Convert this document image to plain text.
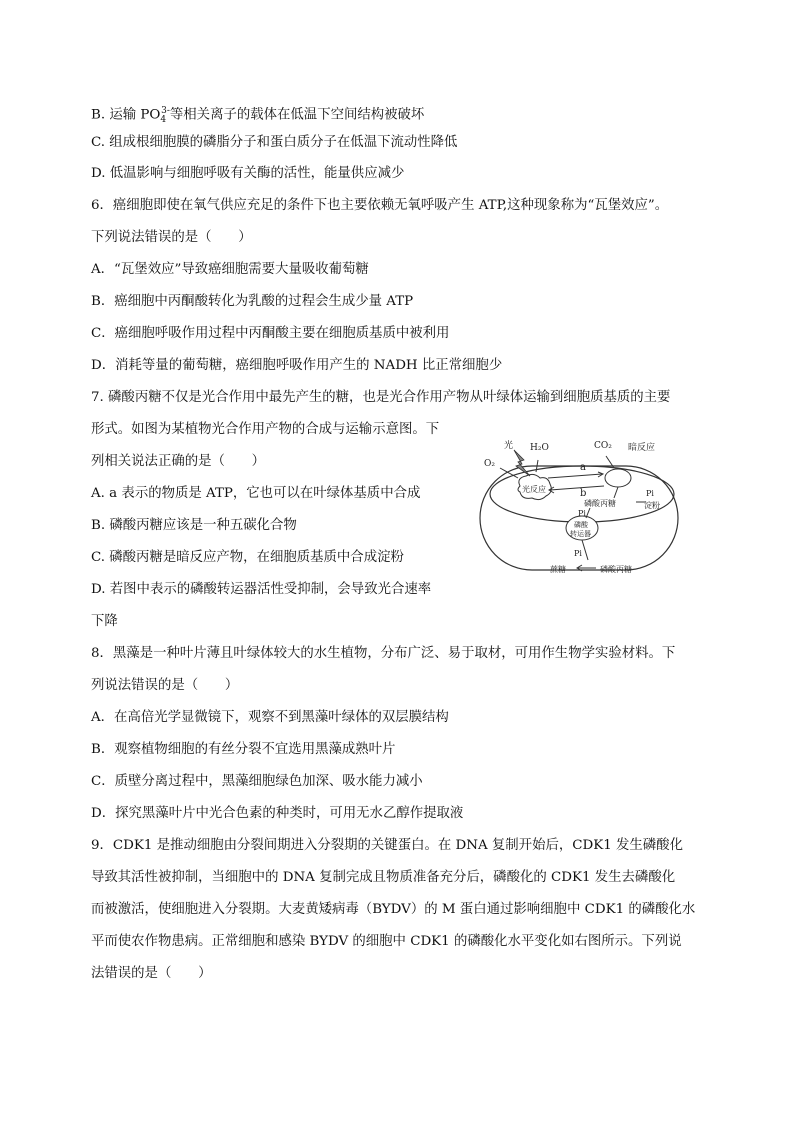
B. 运输 $PO_4^{3-}$等相关离子的载体在低温下空间结构被破坏
C. 组成根细胞膜的磷脂分子和蛋白质分子在低温下流动性降低
D. 低温影响与细胞呼吸有关酶的活性，能量供应减少
6．癌细胞即使在氧气供应充足的条件下也主要依赖无氧呼吸产生 ATP,这种现象称为“瓦堡效应”。
下列说法错误的是（　　）
A．“瓦堡效应”导致癌细胞需要大量吸收葡萄糖
B．癌细胞中丙酮酸转化为乳酸的过程会生成少量 ATP
C．癌细胞呼吸作用过程中丙酮酸主要在细胞质基质中被利用
D．消耗等量的葡萄糖，癌细胞呼吸作用产生的 NADH 比正常细胞少
7. 磷酸丙糖不仅是光合作用中最先产生的糖，也是光合作用产物从叶绿体运输到细胞质基质的主要
形式。如图为某植物光合作用产物的合成与运输示意图。下
列相关说法正确的是（　　）
A. a 表示的物质是 ATP，它也可以在叶绿体基质中合成
B. 磷酸丙糖应该是一种五碳化合物
C. 磷酸丙糖是暗反应产物，在细胞质基质中合成淀粉
D. 若图中表示的磷酸转运器活性受抑制，会导致光合速率
下降
光 H₂O	CO₂ 暗反应
O₂
光反应
a
b	Pi
磷酸丙糖	淀粉
Pi
磷酸
转运器
Pi
蔗糖	磷酸丙糖
8．黑藻是一种叶片薄且叶绿体较大的水生植物，分布广泛、易于取材，可用作生物学实验材料。下
列说法错误的是（　　）
A．在高倍光学显微镜下，观察不到黑藻叶绿体的双层膜结构
B．观察植物细胞的有丝分裂不宜选用黑藻成熟叶片
C．质壁分离过程中，黑藻细胞绿色加深、吸水能力减小
D．探究黑藻叶片中光合色素的种类时，可用无水乙醇作提取液
9．CDK1 是推动细胞由分裂间期进入分裂期的关键蛋白。在 DNA 复制开始后，CDK1 发生磷酸化
导致其活性被抑制，当细胞中的 DNA 复制完成且物质准备充分后，磷酸化的 CDK1 发生去磷酸化
而被激活，使细胞进入分裂期。大麦黄矮病毒（BYDV）的 M 蛋白通过影响细胞中 CDK1 的磷酸化水
平而使农作物患病。正常细胞和感染 BYDV 的细胞中 CDK1 的磷酸化水平变化如右图所示。下列说
法错误的是（　　）
